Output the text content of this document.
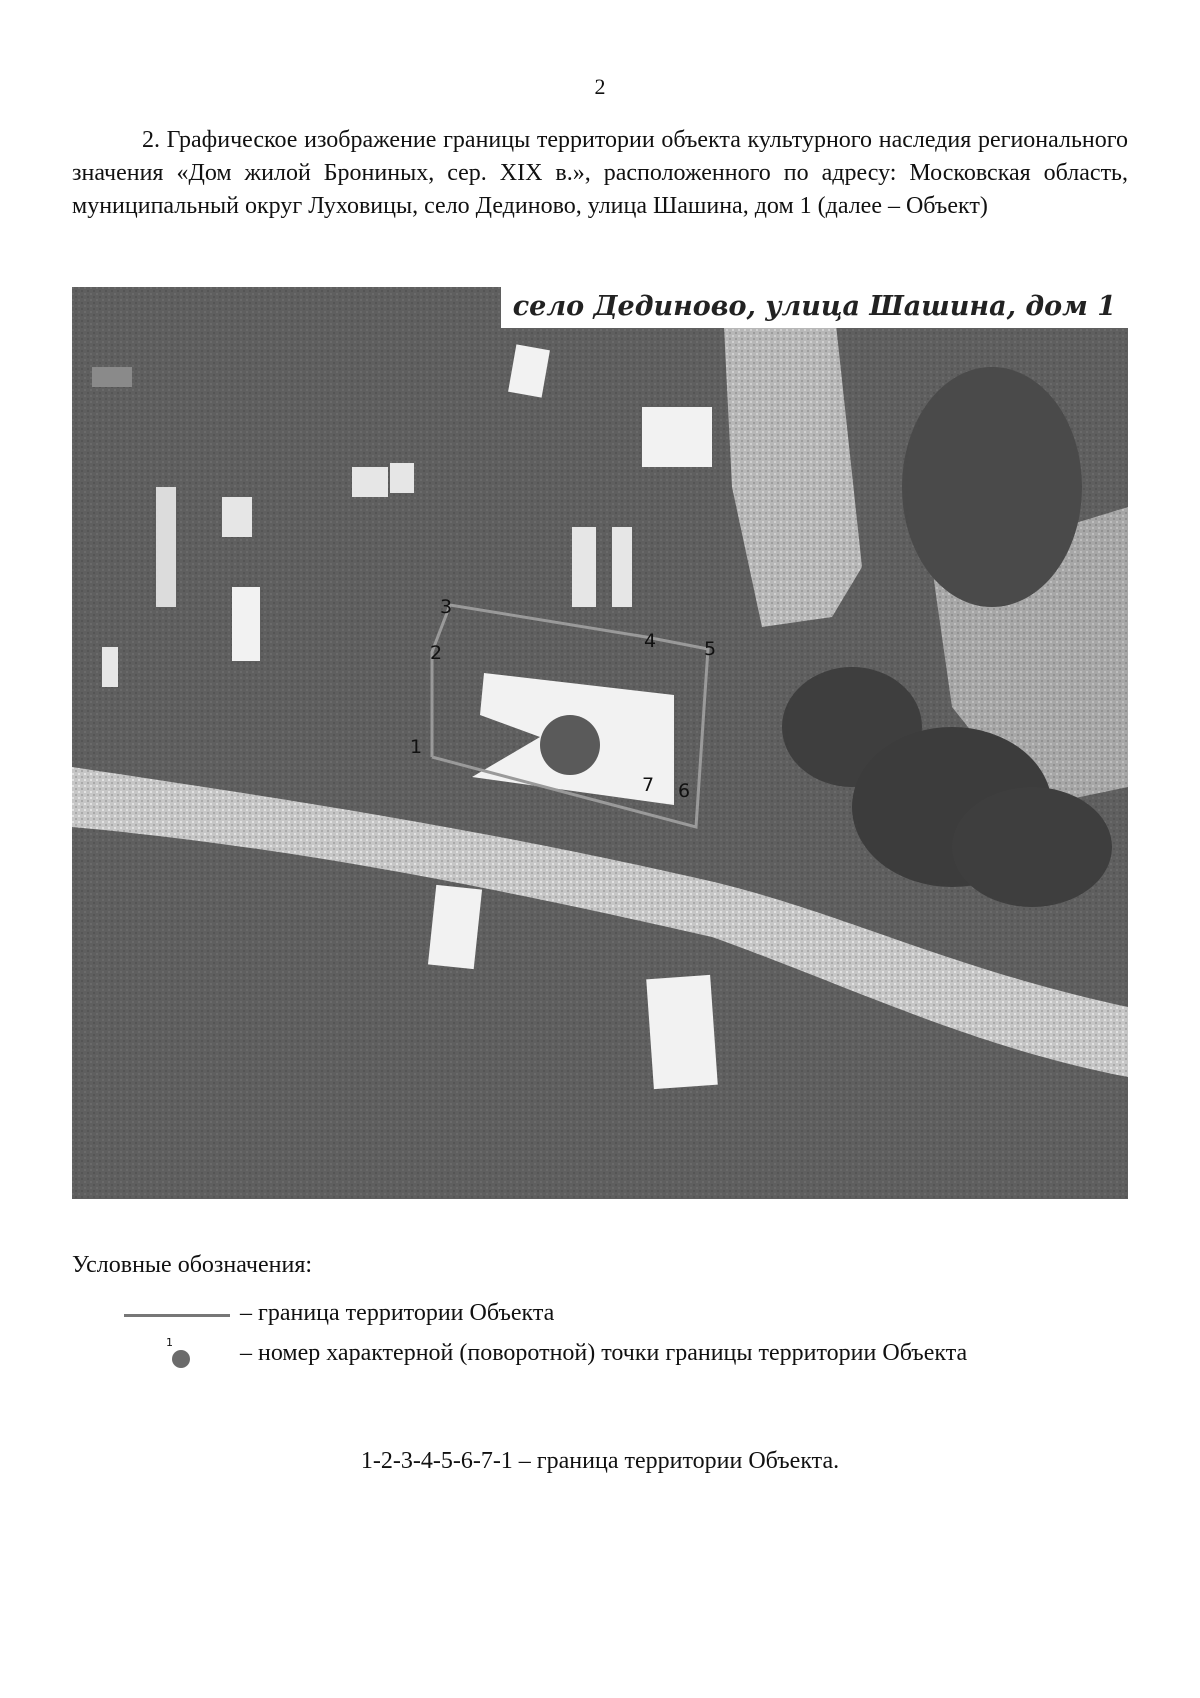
2

2. Графическое изображение границы территории объекта культурного наследия регионального значения «Дом жилой Брониных, сер. XIX в.», расположенного по адресу: Московская область, муниципальный округ Луховицы, село Дединово, улица Шашина, дом 1 (далее – Объект)

1
2
3
4	5
6
7
село Дединово, улица Шашина, дом 1
Условные обозначения:
– граница территории Объекта
1	– номер характерной (поворотной) точки границы территории Объекта
1-2-3-4-5-6-7-1 – граница территории Объекта.
